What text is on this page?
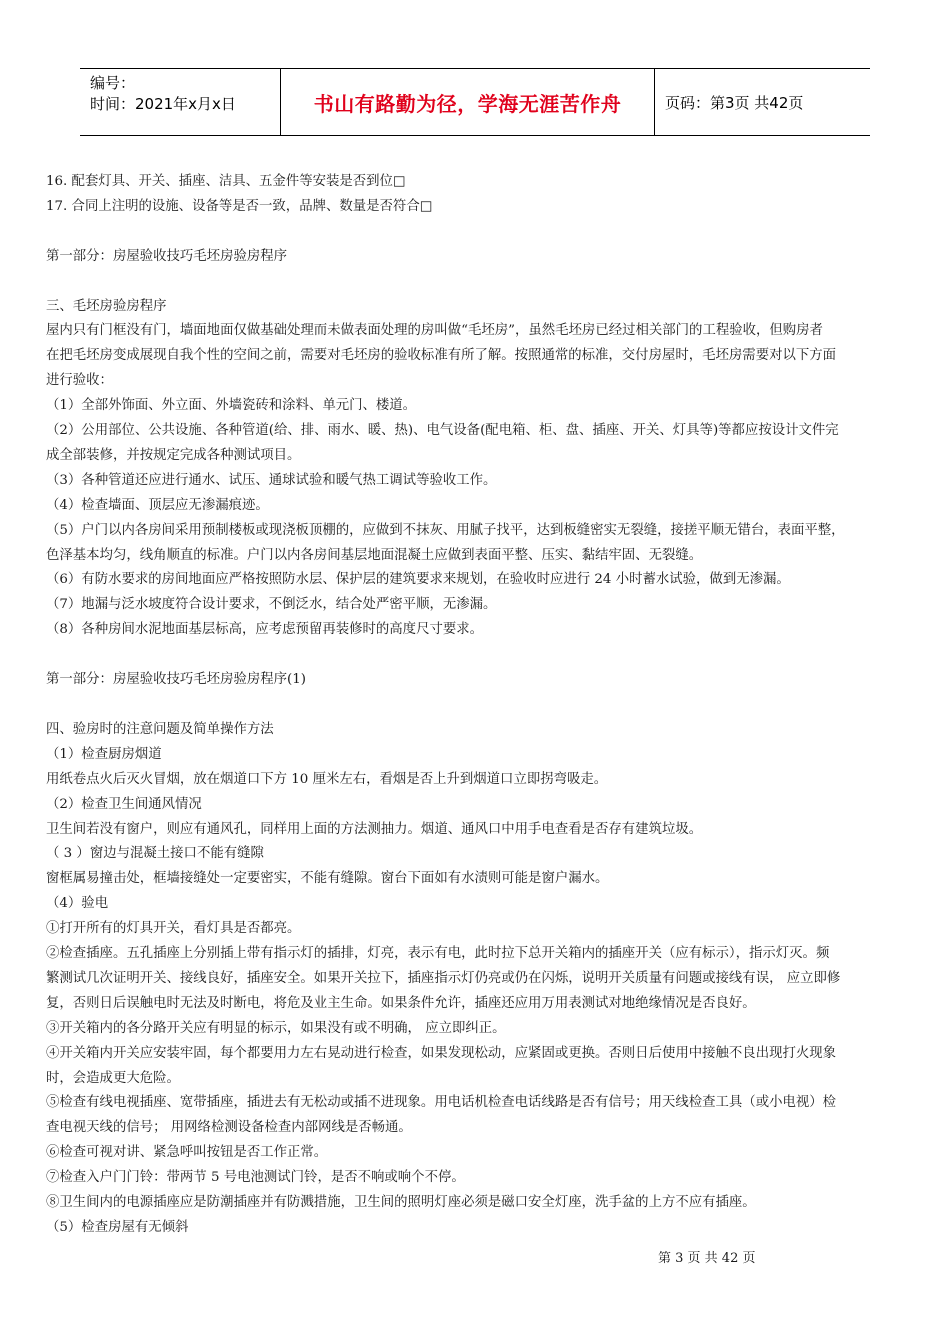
编号：
时间：2021年x月x日	书山有路勤为径，学海无涯苦作舟	页码：第3页 共42页

16. 配套灯具、开关、插座、洁具、五金件等安装是否到位□

17. 合同上注明的设施、设备等是否一致，品牌、数量是否符合□

第一部分：房屋验收技巧毛坯房验房程序

三、毛坯房验房程序

屋内只有门框没有门，墙面地面仅做基础处理而未做表面处理的房叫做“毛坯房”，虽然毛坯房已经过相关部门的工程验收，但购房者

在把毛坯房变成展现自我个性的空间之前，需要对毛坯房的验收标准有所了解。按照通常的标准，交付房屋时，毛坯房需要对以下方面

进行验收：

（1）全部外饰面、外立面、外墙瓷砖和涂料、单元门、楼道。

（2）公用部位、公共设施、各种管道(给、排、雨水、暖、热)、电气设备(配电箱、柜、盘、插座、开关、灯具等)等都应按设计文件完

成全部装修，并按规定完成各种测试项目。

（3）各种管道还应进行通水、试压、通球试验和暖气热工调试等验收工作。

（4）检查墙面、顶层应无渗漏痕迹。

（5）户门以内各房间采用预制楼板或现浇板顶棚的，应做到不抹灰、用腻子找平，达到板缝密实无裂缝，接搓平顺无错台，表面平整，

色泽基本均匀，线角顺直的标准。户门以内各房间基层地面混凝土应做到表面平整、压实、黏结牢固、无裂缝。

（6）有防水要求的房间地面应严格按照防水层、保护层的建筑要求来规划，在验收时应进行 24 小时蓄水试验，做到无渗漏。

（7）地漏与泛水坡度符合设计要求，不倒泛水，结合处严密平顺，无渗漏。

（8）各种房间水泥地面基层标高，应考虑预留再装修时的高度尺寸要求。

第一部分：房屋验收技巧毛坯房验房程序(1)

四、验房时的注意问题及简单操作方法

（1）检查厨房烟道

用纸卷点火后灭火冒烟，放在烟道口下方 10 厘米左右，看烟是否上升到烟道口立即拐弯吸走。

（2）检查卫生间通风情况

卫生间若没有窗户，则应有通风孔，同样用上面的方法测抽力。烟道、通风口中用手电查看是否存有建筑垃圾。

（ 3 ）窗边与混凝土接口不能有缝隙

窗框属易撞击处，框墙接缝处一定要密实，不能有缝隙。窗台下面如有水渍则可能是窗户漏水。

（4）验电

①打开所有的灯具开关，看灯具是否都亮。

②检查插座。五孔插座上分别插上带有指示灯的插排，灯亮，表示有电，此时拉下总开关箱内的插座开关（应有标示），指示灯灭。频

繁测试几次证明开关、接线良好，插座安全。如果开关拉下，插座指示灯仍亮或仍在闪烁，说明开关质量有问题或接线有误， 应立即修

复，否则日后误触电时无法及时断电，将危及业主生命。如果条件允许，插座还应用万用表测试对地绝缘情况是否良好。

③开关箱内的各分路开关应有明显的标示，如果没有或不明确， 应立即纠正。

④开关箱内开关应安装牢固，每个都要用力左右晃动进行检查，如果发现松动，应紧固或更换。否则日后使用中接触不良出现打火现象

时，会造成更大危险。

⑤检查有线电视插座、宽带插座，插进去有无松动或插不进现象。用电话机检查电话线路是否有信号；用天线检查工具（或小电视）检

查电视天线的信号； 用网络检测设备检查内部网线是否畅通。

⑥检查可视对讲、紧急呼叫按钮是否工作正常。

⑦检查入户门门铃：带两节 5 号电池测试门铃，是否不响或响个不停。

⑧卫生间内的电源插座应是防潮插座并有防溅措施，卫生间的照明灯座必须是磁口安全灯座，洗手盆的上方不应有插座。

（5）检查房屋有无倾斜

第 3 页 共 42 页
